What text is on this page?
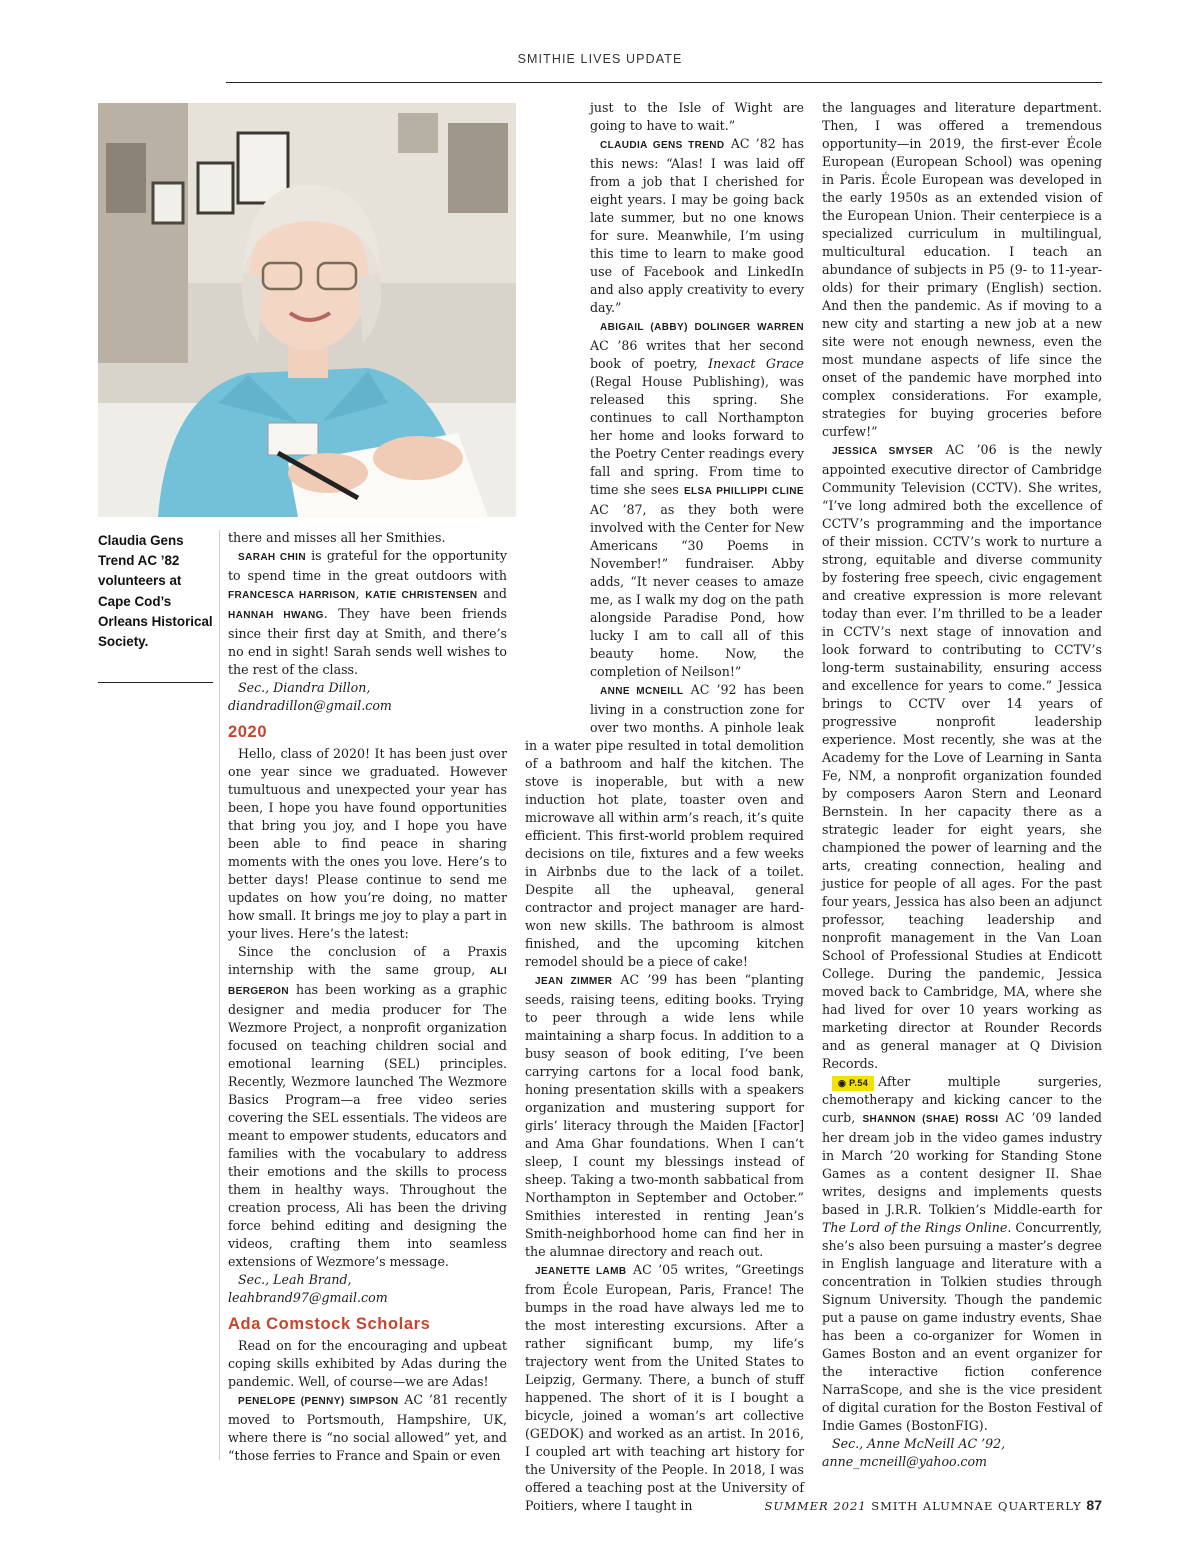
SMITHIE LIVES UPDATE
Claudia Gens Trend AC ’82 volunteers at Cape Cod’s Orleans Historical Society.

there and misses all her Smithies.

SARAH CHIN is grateful for the opportunity to spend time in the great outdoors with FRANCESCA HARRISON, KATIE CHRISTENSEN and HANNAH HWANG. They have been friends since their first day at Smith, and there’s no end in sight! Sarah sends well wishes to the rest of the class.

Sec., Diandra Dillon,

diandradillon@gmail.com

2020

Hello, class of 2020! It has been just over one year since we graduated. However tumultuous and unexpected your year has been, I hope you have found opportunities that bring you joy, and I hope you have been able to find peace in sharing moments with the ones you love. Here’s to better days! Please continue to send me updates on how you’re doing, no matter how small. It brings me joy to play a part in your lives. Here’s the latest:

Since the conclusion of a Praxis internship with the same group, ALI BERGERON has been working as a graphic designer and media producer for The Wezmore Project, a nonprofit organization focused on teaching children social and emotional learning (SEL) principles. Recently, Wezmore launched The Wezmore Basics Program—a free video series covering the SEL essentials. The videos are meant to empower students, educators and families with the vocabulary to address their emotions and the skills to process them in healthy ways. Throughout the creation process, Ali has been the driving force behind editing and designing the videos, crafting them into seamless extensions of Wezmore’s message.

Sec., Leah Brand,

leahbrand97@gmail.com

Ada Comstock Scholars

Read on for the encouraging and upbeat coping skills exhibited by Adas during the pandemic. Well, of course—we are Adas!

PENELOPE (PENNY) SIMPSON AC ’81 recently moved to Portsmouth, Hampshire, UK, where there is “no social allowed” yet, and “those ferries to France and Spain or even

just to the Isle of Wight are going to have to wait.”

CLAUDIA GENS TREND AC ’82 has this news: “Alas! I was laid off from a job that I cherished for eight years. I may be going back late summer, but no one knows for sure. Meanwhile, I’m using this time to learn to make good use of Facebook and LinkedIn and also apply creativity to every day.”

ABIGAIL (ABBY) DOLINGER WARREN AC ’86 writes that her second book of poetry, Inexact Grace (Regal House Publishing), was released this spring. She continues to call Northampton her home and looks forward to the Poetry Center readings every fall and spring. From time to time she sees ELSA PHILLIPPI CLINE AC ’87, as they both were involved with the Center for New Americans “30 Poems in November!” fundraiser. Abby adds, “It never ceases to amaze me, as I walk my dog on the path alongside Paradise Pond, how lucky I am to call all of this beauty home. Now, the completion of Neilson!”

ANNE MCNEILL AC ’92 has been living in a construction zone for over two months. A pinhole leak in a water pipe resulted in total demolition of a bathroom and half the kitchen. The stove is inoperable, but with a new induction hot plate, toaster oven and microwave all within arm’s reach, it’s quite efficient. This first-world problem required decisions on tile, fixtures and a few weeks in Airbnbs due to the lack of a toilet. Despite all the upheaval, general contractor and project manager are hard-won new skills. The bathroom is almost finished, and the upcoming kitchen remodel should be a piece of cake!

JEAN ZIMMER AC ’99 has been “planting seeds, raising teens, editing books. Trying to peer through a wide lens while maintaining a sharp focus. In addition to a busy season of book editing, I’ve been carrying cartons for a local food bank, honing presentation skills with a speakers organization and mustering support for girls’ literacy through the Maiden [Factor] and Ama Ghar foundations. When I can’t sleep, I count my blessings instead of sheep. Taking a two-month sabbatical from Northampton in September and October.” Smithies interested in renting Jean’s Smith-neighborhood home can find her in the alumnae directory and reach out.

JEANETTE LAMB AC ’05 writes, “Greetings from École European, Paris, France! The bumps in the road have always led me to the most interesting excursions. After a rather significant bump, my life’s trajectory went from the United States to Leipzig, Germany. There, a bunch of stuff happened. The short of it is I bought a bicycle, joined a woman’s art collective (GEDOK) and worked as an artist. In 2016, I coupled art with teaching art history for the University of the People. In 2018, I was offered a teaching post at the University of Poitiers, where I taught in

the languages and literature department. Then, I was offered a tremendous opportunity—in 2019, the first-ever École European (European School) was opening in Paris. École European was developed in the early 1950s as an extended vision of the European Union. Their centerpiece is a specialized curriculum in multilingual, multicultural education. I teach an abundance of subjects in P5 (9- to 11-year-olds) for their primary (English) section. And then the pandemic. As if moving to a new city and starting a new job at a new site were not enough newness, even the most mundane aspects of life since the onset of the pandemic have morphed into complex considerations. For example, strategies for buying groceries before curfew!”

JESSICA SMYSER AC ’06 is the newly appointed executive director of Cambridge Community Television (CCTV). She writes, “I’ve long admired both the excellence of CCTV’s programming and the importance of their mission. CCTV’s work to nurture a strong, equitable and diverse community by fostering free speech, civic engagement and creative expression is more relevant today than ever. I’m thrilled to be a leader in CCTV’s next stage of innovation and look forward to contributing to CCTV’s long-term sustainability, ensuring access and excellence for years to come.” Jessica brings to CCTV over 14 years of progressive nonprofit leadership experience. Most recently, she was at the Academy for the Love of Learning in Santa Fe, NM, a nonprofit organization founded by composers Aaron Stern and Leonard Bernstein. In her capacity there as a strategic leader for eight years, she championed the power of learning and the arts, creating connection, healing and justice for people of all ages. For the past four years, Jessica has also been an adjunct professor, teaching leadership and nonprofit management in the Van Loan School of Professional Studies at Endicott College. During the pandemic, Jessica moved back to Cambridge, MA, where she had lived for over 10 years working as marketing director at Rounder Records and as general manager at Q Division Records.

◉ P.54 After multiple surgeries, chemotherapy and kicking cancer to the curb, SHANNON (SHAE) ROSSI AC ’09 landed her dream job in the video games industry in March ’20 working for Standing Stone Games as a content designer II. Shae writes, designs and implements quests based in J.R.R. Tolkien’s Middle-earth for The Lord of the Rings Online. Concurrently, she’s also been pursuing a master’s degree in English language and literature with a concentration in Tolkien studies through Signum University. Though the pandemic put a pause on game industry events, Shae has been a co-organizer for Women in Games Boston and an event organizer for the interactive fiction conference NarraScope, and she is the vice president of digital curation for the Boston Festival of Indie Games (BostonFIG).

Sec., Anne McNeill AC ’92,

anne_mcneill@yahoo.com

SUMMER 2021 SMITH ALUMNAE QUARTERLY 87
